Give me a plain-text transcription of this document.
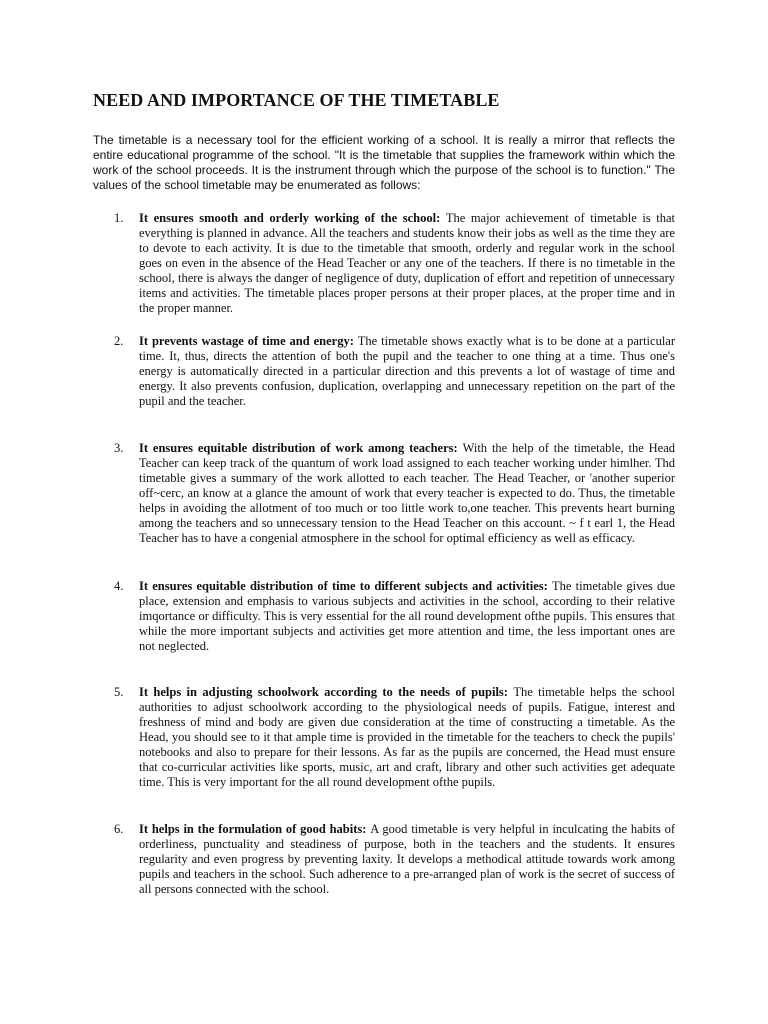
NEED AND IMPORTANCE OF THE TIMETABLE

The timetable is a necessary tool for the efficient working of a school. It is really a mirror that reflects the entire educational programme of the school. "It is the timetable that supplies the framework within which the work of the school proceeds. It is the instrument through which the purpose of the school is to function." The values of the school timetable may be enumerated as follows:

1. It ensures smooth and orderly working of the school: The major achievement of timetable is that everything is planned in advance. All the teachers and students know their jobs as well as the time they are to devote to each activity. It is due to the timetable that smooth, orderly and regular work in the school goes on even in the absence of the Head Teacher or any one of the teachers. If there is no timetable in the school, there is always the danger of negligence of duty, duplication of effort and repetition of unnecessary items and activities. The timetable places proper persons at their proper places, at the proper time and in the proper manner.
2. It prevents wastage of time and energy: The timetable shows exactly what is to be done at a particular time. It, thus, directs the attention of both the pupil and the teacher to one thing at a time. Thus one's energy is automatically directed in a particular direction and this prevents a lot of wastage of time and energy. It also prevents confusion, duplication, overlapping and unnecessary repetition on the part of the pupil and the teacher.
3. It ensures equitable distribution of work among teachers: With the help of the timetable, the Head Teacher can keep track of the quantum of work load assigned to each teacher working under himlher. Thd timetable gives a summary of the work allotted to each teacher. The Head Teacher, or 'another superior off~cerc, an know at a glance the amount of work that every teacher is expected to do. Thus, the timetable helps in avoiding the allotment of too much or too little work to,one teacher. This prevents heart burning among the teachers and so unnecessary tension to the Head Teacher on this account. ~ f t earl 1, the Head Teacher has to have a congenial atmosphere in the school for optimal efficiency as well as efficacy.
4. It ensures equitable distribution of time to different subjects and activities: The timetable gives due place, extension and emphasis to various subjects and activities in the school, according to their relative imqortance or difficulty. This is very essential for the all round development ofthe pupils. This ensures that while the more important subjects and activities get more attention and time, the less important ones are not neglected.
5. It helps in adjusting schoolwork according to the needs of pupils: The timetable helps the school authorities to adjust schoolwork according to the physiological needs of pupils. Fatigue, interest and freshness of mind and body are given due consideration at the time of constructing a timetable. As the Head, you should see to it that ample time is provided in the timetable for the teachers to check the pupils' notebooks and also to prepare for their lessons. As far as the pupils are concerned, the Head must ensure that co-curricular activities like sports, music, art and craft, library and other such activities get adequate time. This is very important for the all round development ofthe pupils.
6. It helps in the formulation of good habits: A good timetable is very helpful in inculcating the habits of orderliness, punctuality and steadiness of purpose, both in the teachers and the students. It ensures regularity and even progress by preventing laxity. It develops a methodical attitude towards work among pupils and teachers in the school. Such adherence to a pre-arranged plan of work is the secret of success of all persons connected with the school.
